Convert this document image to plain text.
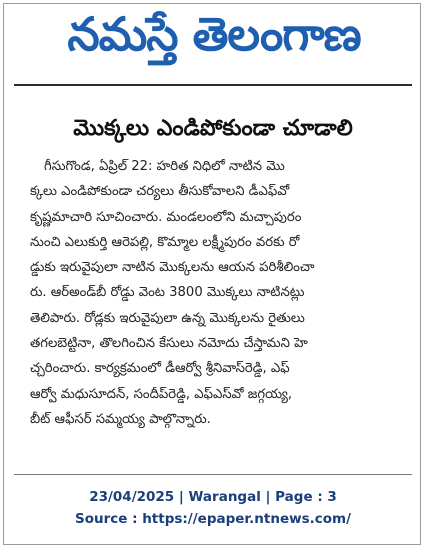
నమస్తే తెలంగాణ
మొక్కలు ఎండిపోకుండా చూడాలి
గీసుగొండ, ఏప్రిల్ 22: హరిత నిధిలో నాటిన మొ
క్కలు ఎండిపోకుండా చర్యలు తీసుకోవాలని డీఎఫ్‌వో
కృష్ణమాచారి సూచించారు. మండలంలోని మచ్చాపురం
నుంచి ఎలుకుర్తి ఆరెపల్లి, కొమ్మాల లక్ష్మీపురం వరకు రో
డ్డుకు ఇరువైపులా నాటిన మొక్కలను ఆయన పరిశీలించా
రు. ఆర్‌అండ్‌బీ రోడ్డు వెంట 3800 మొక్కలు నాటినట్లు
తెలిపారు. రోడ్లకు ఇరువైపులా ఉన్న మొక్కలను రైతులు
తగలబెట్టినా, తొలగించిన కేసులు నమోదు చేస్తామని హె
చ్చరించారు. కార్యక్రమంలో డీఆర్వో శ్రీనివాస్‌రెడ్డి, ఎఫ్
ఆర్వో మధుసూదన్, సందీప్‌రెడ్డి, ఎఫ్ఎస్‌వో జగ్గయ్య,
బీట్ ఆఫీసర్ సమ్మయ్య పాల్గొన్నారు.
23/04/2025 | Warangal | Page : 3
Source : https://epaper.ntnews.com/
